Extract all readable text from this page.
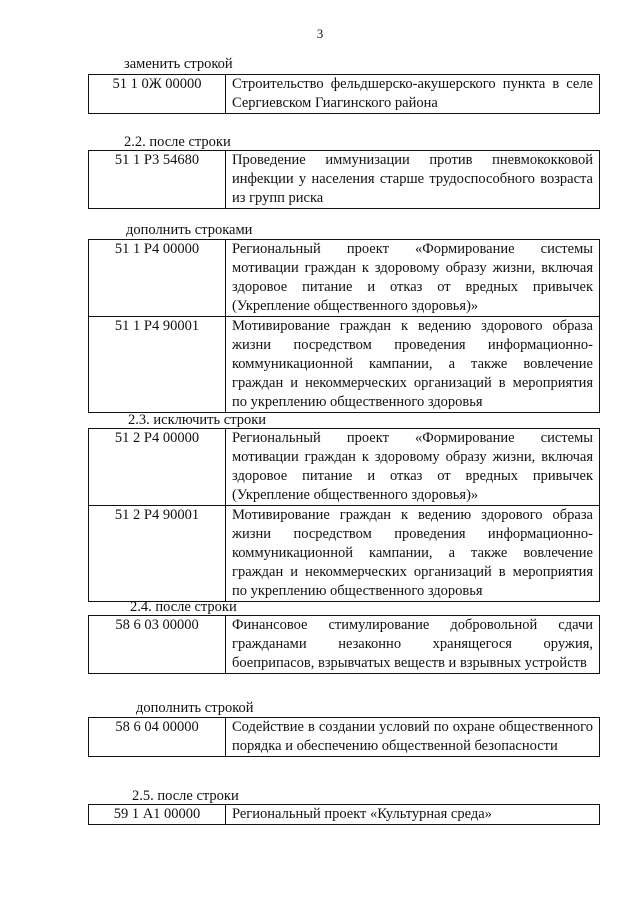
3
заменить строкой
51 1 0Ж 00000	Строительство фельдшерско-акушерского пункта в селе Сергиевском Гиагинского района
2.2. после строки
51 1 Р3 54680	Проведение иммунизации против пневмококковой инфекции у населения старше трудоспособного возраста из групп риска
дополнить строками
51 1 Р4 00000	Региональный проект «Формирование системы мотивации граждан к здоровому образу жизни, включая здоровое питание и отказ от вредных привычек (Укрепление общественного здоровья)»
51 1 Р4 90001	Мотивирование граждан к ведению здорового образа жизни посредством проведения информационно-коммуникационной кампании, а также вовлечение граждан и некоммерческих организаций в мероприятия по укреплению общественного здоровья
2.3. исключить строки
51 2 Р4 00000	Региональный проект «Формирование системы мотивации граждан к здоровому образу жизни, включая здоровое питание и отказ от вредных привычек (Укрепление общественного здоровья)»
51 2 Р4 90001	Мотивирование граждан к ведению здорового образа жизни посредством проведения информационно-коммуникационной кампании, а также вовлечение граждан и некоммерческих организаций в мероприятия по укреплению общественного здоровья
2.4. после строки
58 6 03 00000	Финансовое стимулирование добровольной сдачи гражданами незаконно хранящегося оружия, боеприпасов, взрывчатых веществ и взрывных устройств
дополнить строкой
58 6 04 00000	Содействие в создании условий по охране общественного порядка и обеспечению общественной безопасности
2.5. после строки
59 1 А1 00000	Региональный проект «Культурная среда»
